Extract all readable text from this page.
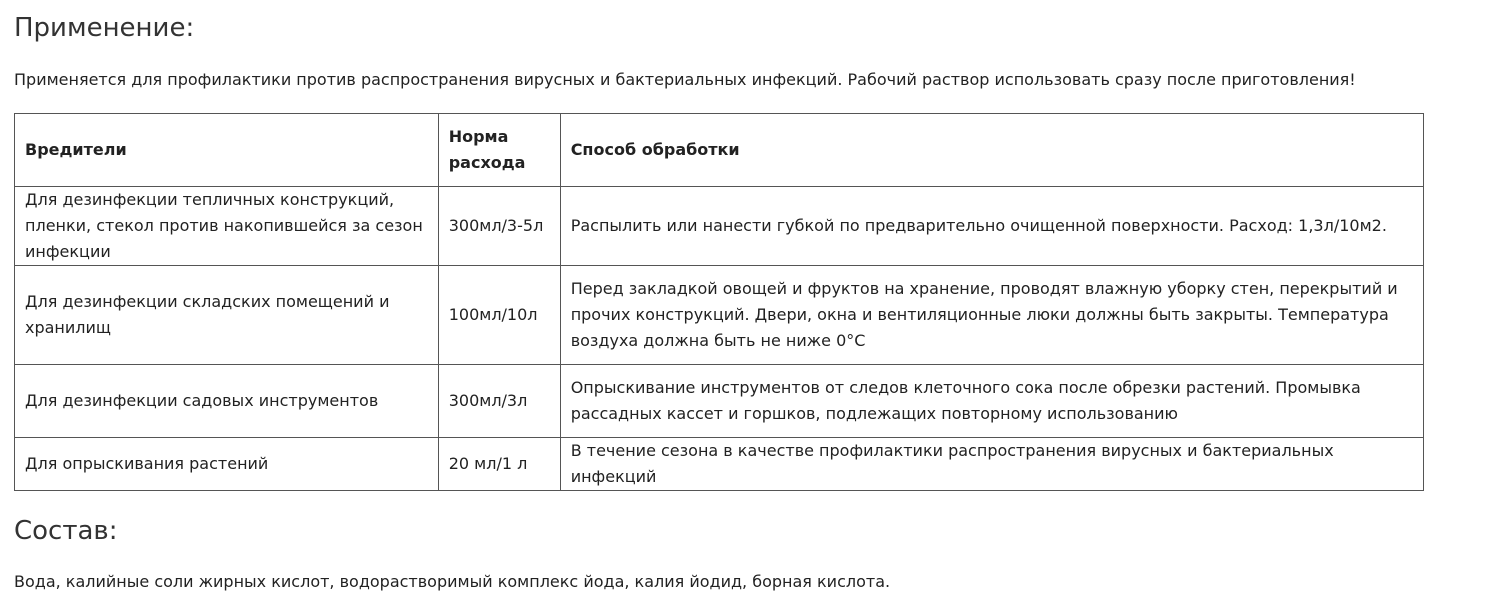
Применение:

Применяется для профилактики против распространения вирусных и бактериальных инфекций. Рабочий раствор использовать сразу после приготовления!

Вредители	Норма расхода	Способ обработки
Для дезинфекции тепличных конструкций, пленки, стекол против накопившейся за сезон инфекции	300мл/3-5л	Распылить или нанести губкой по предварительно очищенной поверхности. Расход: 1,3л/10м2.
Для дезинфекции складских помещений и хранилищ	100мл/10л	Перед закладкой овощей и фруктов на хранение, проводят влажную уборку стен, перекрытий и прочих конструкций. Двери, окна и вентиляционные люки должны быть закрыты. Температура воздуха должна быть не ниже 0°С
Для дезинфекции садовых инструментов	300мл/3л	Опрыскивание инструментов от следов клеточного сока после обрезки растений. Промывка рассадных кассет и горшков, подлежащих повторному использованию
Для опрыскивания растений	20 мл/1 л	В течение сезона в качестве профилактики распространения вирусных и бактериальных инфекций
Состав:

Вода, калийные соли жирных кислот, водорастворимый комплекс йода, калия йодид, борная кислота.
